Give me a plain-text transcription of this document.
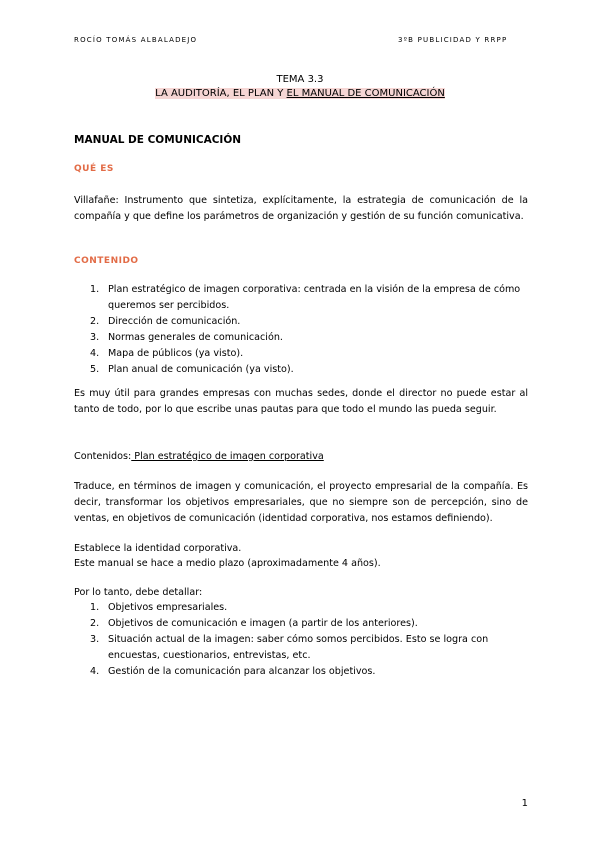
ROCÍO TOMÁS ALBALADEJO	3ºB PUBLICIDAD Y RRPP
TEMA 3.3
LA AUDITORÍA, EL PLAN Y EL MANUAL DE COMUNICACIÓN
MANUAL DE COMUNICACIÓN
QUÉ ES
Villafañe: Instrumento que sintetiza, explícitamente, la estrategia de comunicación de la compañía y que define los parámetros de organización y gestión de su función comunicativa.
CONTENIDO
1. Plan estratégico de imagen corporativa: centrada en la visión de la empresa de cómo queremos ser percibidos.
2. Dirección de comunicación.
3. Normas generales de comunicación.
4. Mapa de públicos (ya visto).
5. Plan anual de comunicación (ya visto).
Es muy útil para grandes empresas con muchas sedes, donde el director no puede estar al tanto de todo, por lo que escribe unas pautas para que todo el mundo las pueda seguir.
Contenidos: Plan estratégico de imagen corporativa
Traduce, en términos de imagen y comunicación, el proyecto empresarial de la compañía. Es decir, transformar los objetivos empresariales, que no siempre son de percepción, sino de ventas, en objetivos de comunicación (identidad corporativa, nos estamos definiendo).
Establece la identidad corporativa.
Este manual se hace a medio plazo (aproximadamente 4 años).
Por lo tanto, debe detallar:
1. Objetivos empresariales.
2. Objetivos de comunicación e imagen (a partir de los anteriores).
3. Situación actual de la imagen: saber cómo somos percibidos. Esto se logra con encuestas, cuestionarios, entrevistas, etc.
4. Gestión de la comunicación para alcanzar los objetivos.
1
